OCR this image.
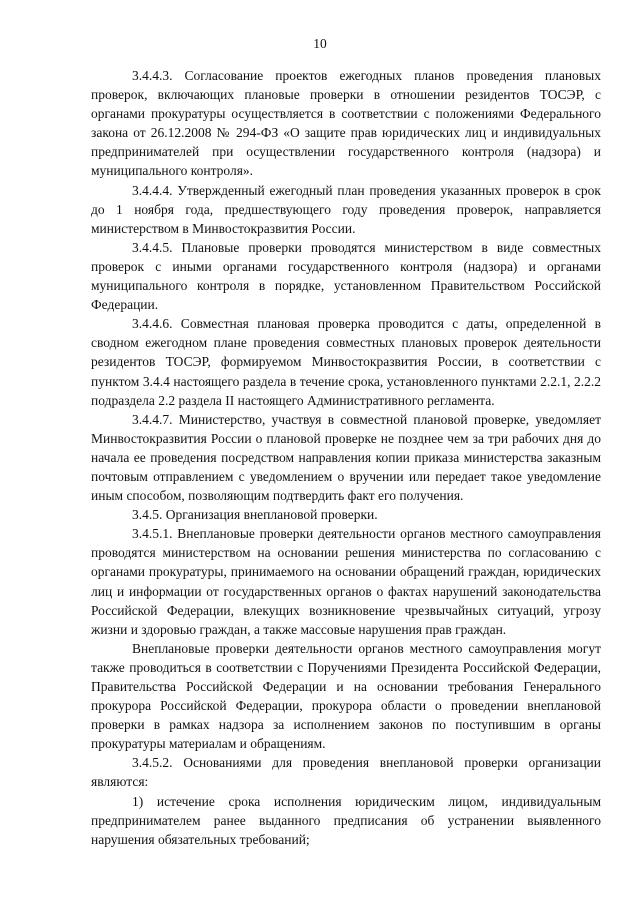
10

3.4.4.3. Согласование проектов ежегодных планов проведения плановых проверок, включающих плановые проверки в отношении резидентов ТОСЭР, с органами прокуратуры осуществляется в соответствии с положениями Федерального закона от 26.12.2008 № 294-ФЗ «О защите прав юридических лиц и индивидуальных предпринимателей при осуществлении государственного контроля (надзора) и муниципального контроля».

3.4.4.4. Утвержденный ежегодный план проведения указанных проверок в срок до 1 ноября года, предшествующего году проведения проверок, направляется министерством в Минвостокразвития России.

3.4.4.5. Плановые проверки проводятся министерством в виде совместных проверок с иными органами государственного контроля (надзора) и органами муниципального контроля в порядке, установленном Правительством Российской Федерации.

3.4.4.6. Совместная плановая проверка проводится с даты, определенной в сводном ежегодном плане проведения совместных плановых проверок деятельности резидентов ТОСЭР, формируемом Минвостокразвития России, в соответствии с пунктом 3.4.4 настоящего раздела в течение срока, установленного пунктами 2.2.1, 2.2.2 подраздела 2.2 раздела II настоящего Административного регламента.

3.4.4.7. Министерство, участвуя в совместной плановой проверке, уведомляет Минвостокразвития России о плановой проверке не позднее чем за три рабочих дня до начала ее проведения посредством направления копии приказа министерства заказным почтовым отправлением с уведомлением о вручении или передает такое уведомление иным способом, позволяющим подтвердить факт его получения.

3.4.5. Организация внеплановой проверки.

3.4.5.1. Внеплановые проверки деятельности органов местного самоуправления проводятся министерством на основании решения министерства по согласованию с органами прокуратуры, принимаемого на основании обращений граждан, юридических лиц и информации от государственных органов о фактах нарушений законодательства Российской Федерации, влекущих возникновение чрезвычайных ситуаций, угрозу жизни и здоровью граждан, а также массовые нарушения прав граждан.

Внеплановые проверки деятельности органов местного самоуправления могут также проводиться в соответствии с Поручениями Президента Российской Федерации, Правительства Российской Федерации и на основании требования Генерального прокурора Российской Федерации, прокурора области о проведении внеплановой проверки в рамках надзора за исполнением законов по поступившим в органы прокуратуры материалам и обращениям.

3.4.5.2. Основаниями для проведения внеплановой проверки организации являются:

1) истечение срока исполнения юридическим лицом, индивидуальным предпринимателем ранее выданного предписания об устранении выявленного нарушения обязательных требований;
